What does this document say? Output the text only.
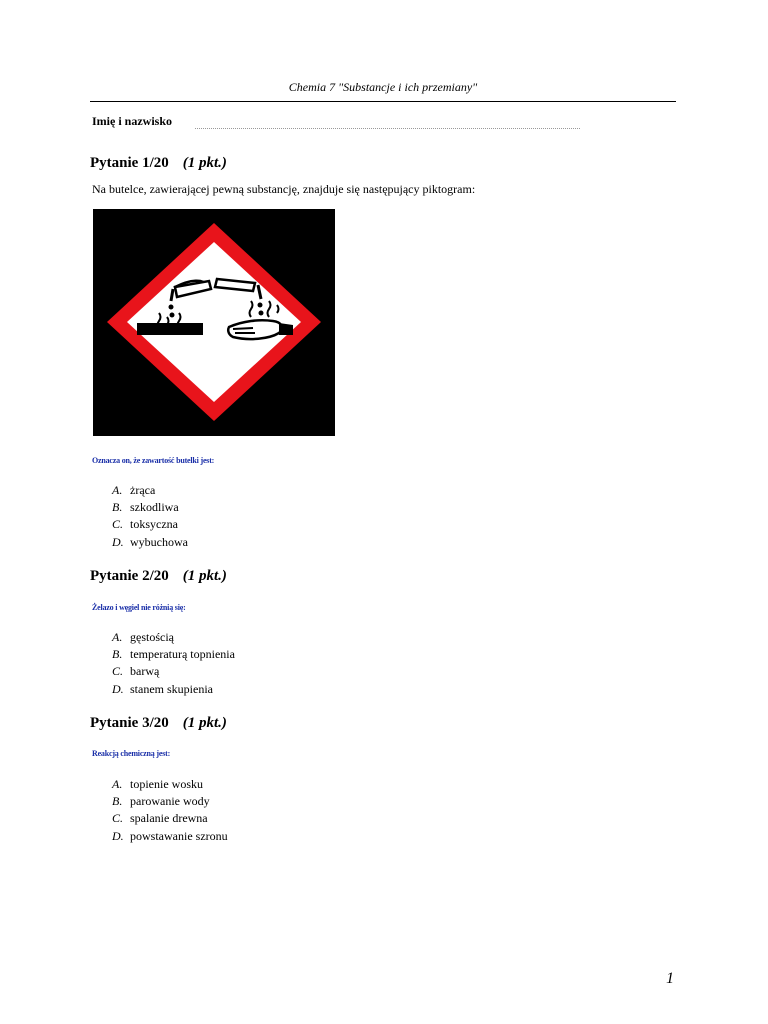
Chemia 7 "Substancje i ich przemiany"
Imię i nazwisko
Pytanie 1/20 (1 pkt.)
Na butelce, zawierającej pewną substancję, znajduje się następujący piktogram:
Oznacza on, że zawartość butelki jest:
A. żrąca
B. szkodliwa
C. toksyczna
D. wybuchowa
Pytanie 2/20 (1 pkt.)
Żelazo i węgiel nie różnią się:
A. gęstością
B. temperaturą topnienia
C. barwą
D. stanem skupienia
Pytanie 3/20 (1 pkt.)
Reakcją chemiczną jest:
A. topienie wosku
B. parowanie wody
C. spalanie drewna
D. powstawanie szronu
1
